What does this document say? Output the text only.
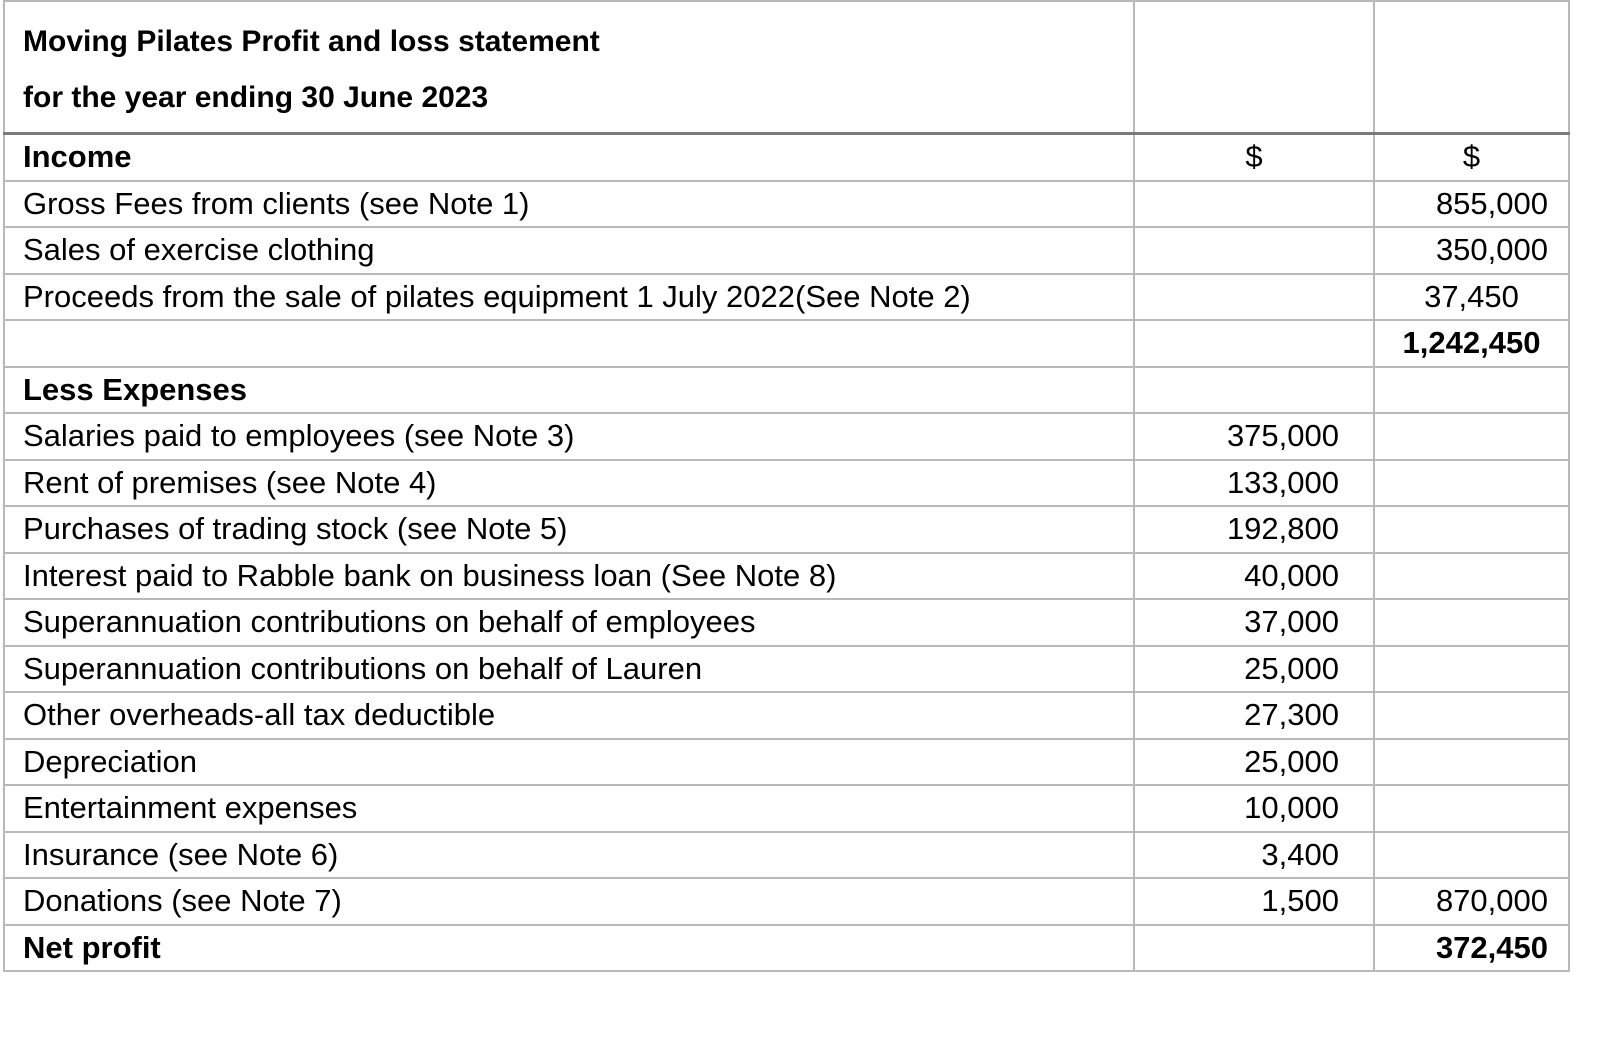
Moving Pilates Profit and loss statement
for the year ending 30 June 2023		

Income	$	$
Gross Fees from clients (see Note 1)		855,000
Sales of exercise clothing		350,000
Proceeds from the sale of pilates equipment 1 July 2022(See Note 2)		37,450
		1,242,450
Less Expenses		
Salaries paid to employees (see Note 3)	375,000	
Rent of premises (see Note 4)	133,000	
Purchases of trading stock (see Note 5)	192,800	
Interest paid to Rabble bank on business loan (See Note 8)	40,000	
Superannuation contributions on behalf of employees	37,000	
Superannuation contributions on behalf of Lauren	25,000	
Other overheads-all tax deductible	27,300	
Depreciation	25,000	
Entertainment expenses	10,000	
Insurance (see Note 6)	3,400	
Donations (see Note 7)	1,500	870,000
Net profit		372,450
